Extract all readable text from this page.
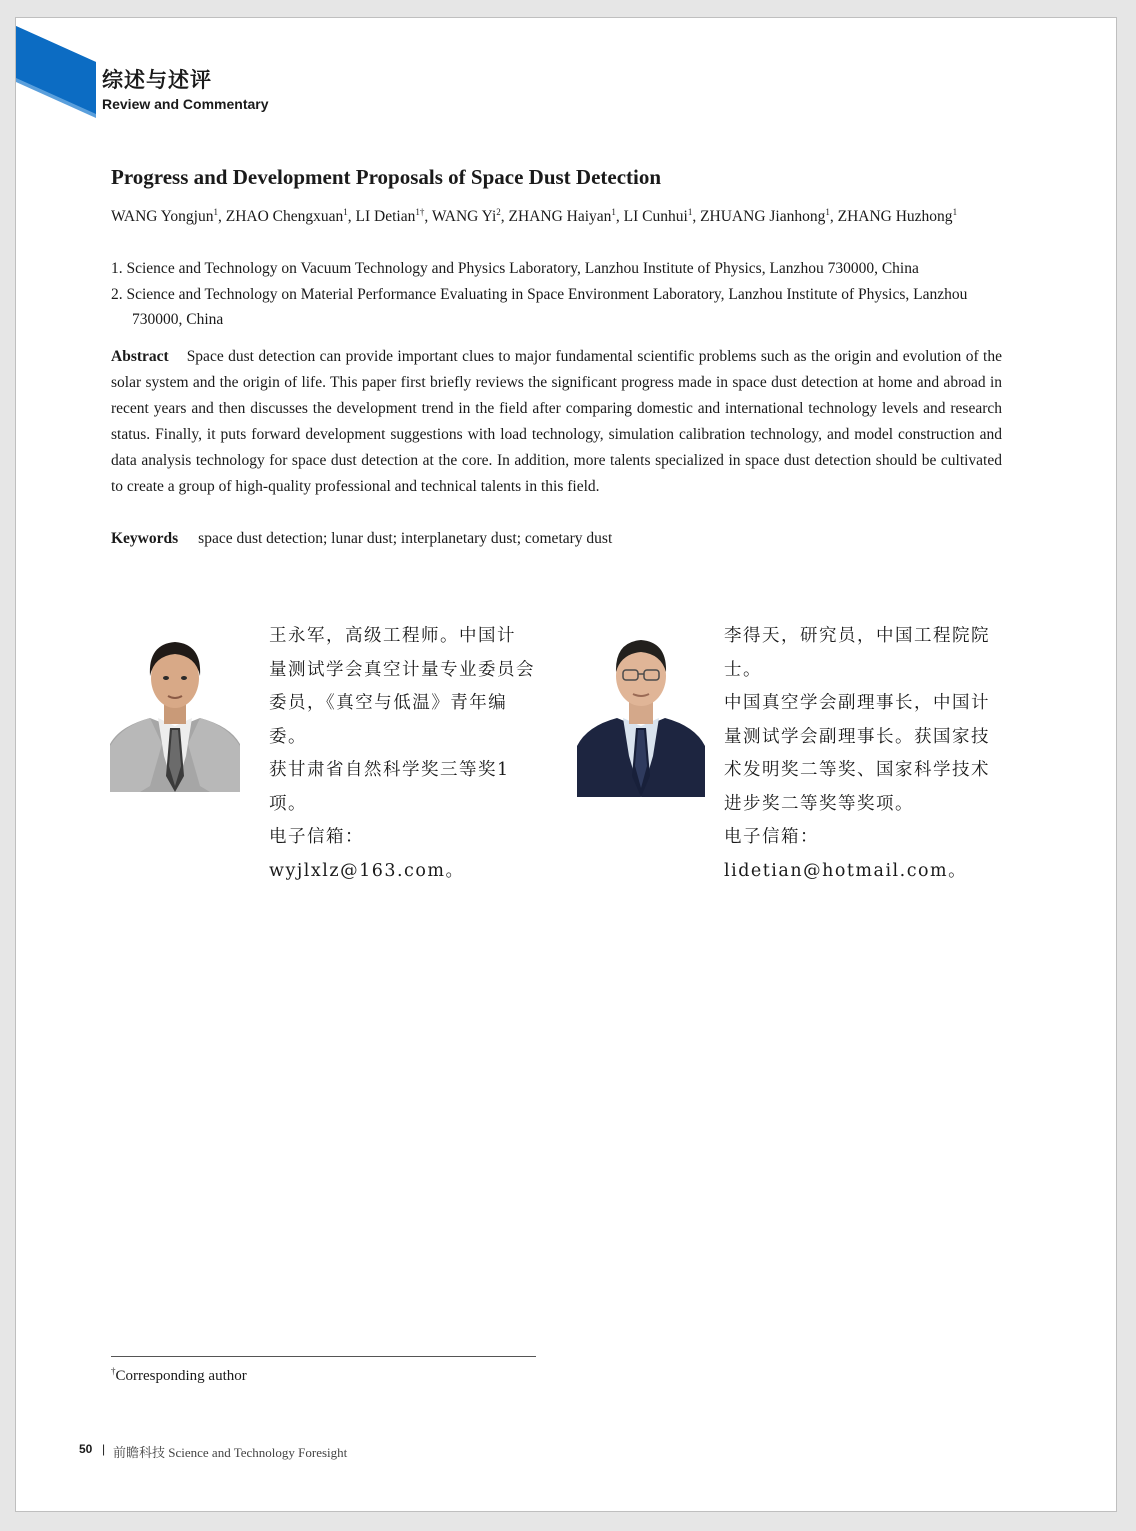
综述与述评
Review and Commentary
Progress and Development Proposals of Space Dust Detection
WANG Yongjun$^1$, ZHAO Chengxuan$^1$, LI Detian$^{1\dagger}$, WANG Yi$^2$, ZHANG Haiyan$^1$, LI Cunhui$^1$, ZHUANG Jianhong$^1$, ZHANG Huzhong$^1$
1. Science and Technology on Vacuum Technology and Physics Laboratory, Lanzhou Institute of Physics, Lanzhou 730000, China
2. Science and Technology on Material Performance Evaluating in Space Environment Laboratory, Lanzhou Institute of Physics, Lanzhou 730000, China
Abstract Space dust detection can provide important clues to major fundamental scientific problems such as the origin and evolution of the solar system and the origin of life. This paper first briefly reviews the significant progress made in space dust detection at home and abroad in recent years and then discusses the development trend in the field after comparing domestic and international technology levels and research status. Finally, it puts forward development suggestions with load technology, simulation calibration technology, and model construction and data analysis technology for space dust detection at the core. In addition, more talents specialized in space dust detection should be cultivated to create a group of high-quality professional and technical talents in this field.
Keywords space dust detection; lunar dust; interplanetary dust; cometary dust
王永军，高级工程师。中国计
量测试学会真空计量专业委员会
委员，《真空与低温》青年编委。
获甘肃省自然科学奖三等奖1项。
电子信箱：wyjlxlz@163.com。
李得天，研究员，中国工程院院士。
中国真空学会副理事长，中国计
量测试学会副理事长。获国家技
术发明奖二等奖、国家科学技术
进步奖二等奖等奖项。
电子信箱：lidetian@hotmail.com。
†Corresponding author
50 | 前瞻科技 Science and Technology Foresight
